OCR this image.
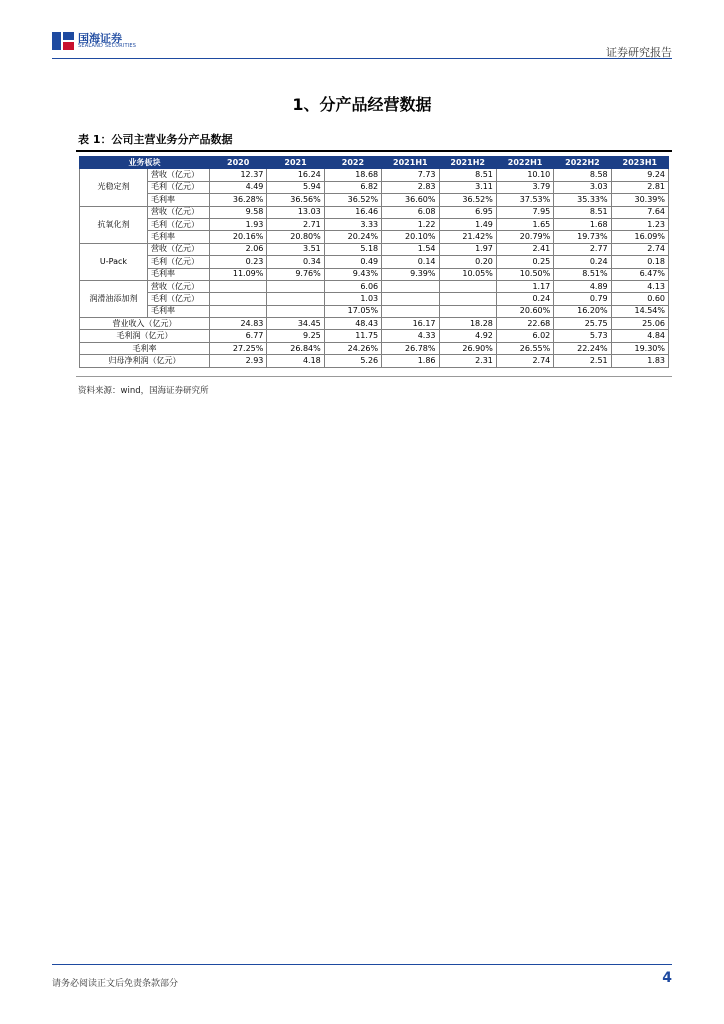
国海证券
SEALAND SECURITIES	证券研究报告
1、分产品经营数据
表 1：公司主营业务分产品数据
业务板块		2020	2021	2022	2021H1	2021H2	2022H1	2022H2	2023H1
光稳定剂	营收（亿元）	12.37	16.24	18.68	7.73	8.51	10.10	8.58	9.24
	毛利（亿元）	4.49	5.94	6.82	2.83	3.11	3.79	3.03	2.81
	毛利率	36.28%	36.56%	36.52%	36.60%	36.52%	37.53%	35.33%	30.39%
抗氧化剂	营收（亿元）	9.58	13.03	16.46	6.08	6.95	7.95	8.51	7.64
	毛利（亿元）	1.93	2.71	3.33	1.22	1.49	1.65	1.68	1.23
	毛利率	20.16%	20.80%	20.24%	20.10%	21.42%	20.79%	19.73%	16.09%
U-Pack	营收（亿元）	2.06	3.51	5.18	1.54	1.97	2.41	2.77	2.74
	毛利（亿元）	0.23	0.34	0.49	0.14	0.20	0.25	0.24	0.18
	毛利率	11.09%	9.76%	9.43%	9.39%	10.05%	10.50%	8.51%	6.47%
润滑油添加剂	营收（亿元）			6.06			1.17	4.89	4.13
	毛利（亿元）			1.03			0.24	0.79	0.60
	毛利率			17.05%			20.60%	16.20%	14.54%
营业收入（亿元）		24.83	34.45	48.43	16.17	18.28	22.68	25.75	25.06
毛利润（亿元）		6.77	9.25	11.75	4.33	4.92	6.02	5.73	4.84
毛利率		27.25%	26.84%	24.26%	26.78%	26.90%	26.55%	22.24%	19.30%
归母净利润（亿元）		2.93	4.18	5.26	1.86	2.31	2.74	2.51	1.83
资料来源：wind，国海证券研究所
请务必阅读正文后免责条款部分	4
